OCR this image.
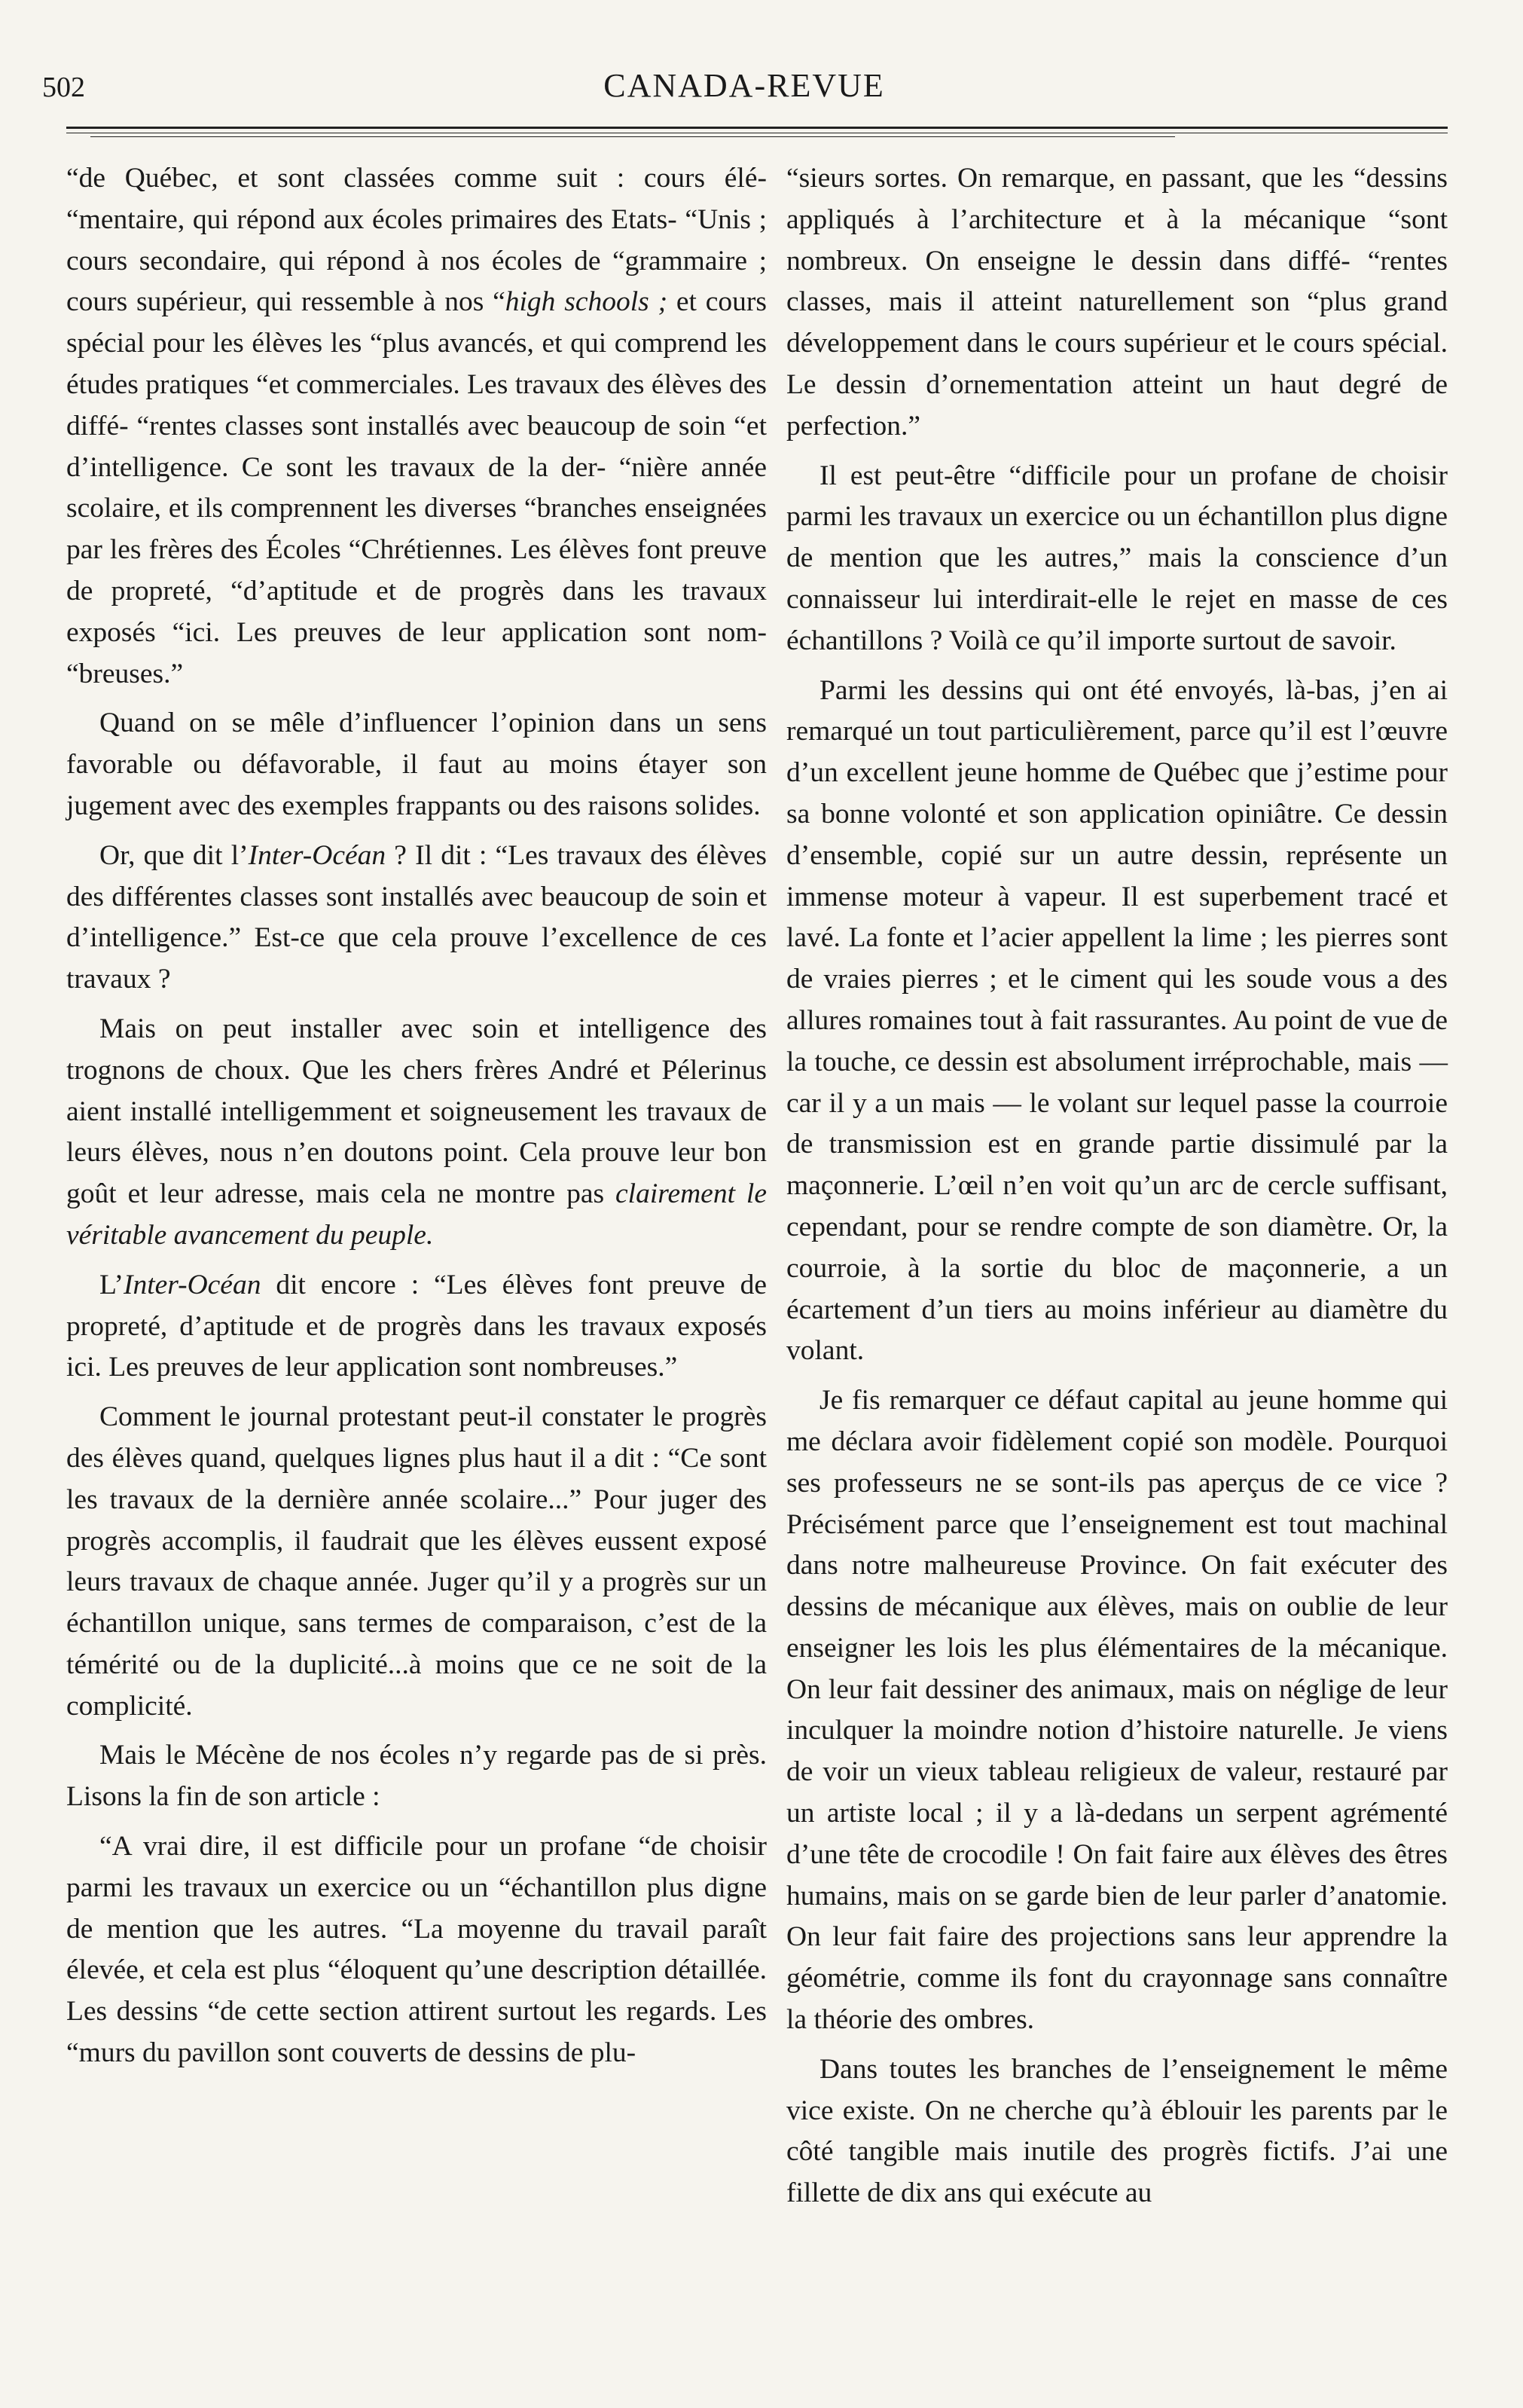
502	CANADA-REVUE

“de Québec, et sont classées comme suit : cours élé- “mentaire, qui répond aux écoles primaires des Etats- “Unis ; cours secondaire, qui répond à nos écoles de “grammaire ; cours supérieur, qui ressemble à nos “high schools ; et cours spécial pour les élèves les “plus avancés, et qui comprend les études pratiques “et commerciales. Les travaux des élèves des diffé- “rentes classes sont installés avec beaucoup de soin “et d’intelligence. Ce sont les travaux de la der- “nière année scolaire, et ils comprennent les diverses “branches enseignées par les frères des Écoles “Chrétiennes. Les élèves font preuve de propreté, “d’aptitude et de progrès dans les travaux exposés “ici. Les preuves de leur application sont nom- “breuses.”

Quand on se mêle d’influencer l’opinion dans un sens favorable ou défavorable, il faut au moins étayer son jugement avec des exemples frappants ou des raisons solides.

Or, que dit l’Inter-Océan ? Il dit : “Les travaux des élèves des différentes classes sont installés avec beaucoup de soin et d’intelligence.” Est-ce que cela prouve l’excellence de ces travaux ?

Mais on peut installer avec soin et intelligence des trognons de choux. Que les chers frères André et Pélerinus aient installé intelligemment et soigneusement les travaux de leurs élèves, nous n’en doutons point. Cela prouve leur bon goût et leur adresse, mais cela ne montre pas clairement le véritable avancement du peuple.

L’Inter-Océan dit encore : “Les élèves font preuve de propreté, d’aptitude et de progrès dans les travaux exposés ici. Les preuves de leur application sont nombreuses.”

Comment le journal protestant peut-il constater le progrès des élèves quand, quelques lignes plus haut il a dit : “Ce sont les travaux de la dernière année scolaire...” Pour juger des progrès accomplis, il faudrait que les élèves eussent exposé leurs travaux de chaque année. Juger qu’il y a progrès sur un échantillon unique, sans termes de comparaison, c’est de la témérité ou de la duplicité...à moins que ce ne soit de la complicité.

Mais le Mécène de nos écoles n’y regarde pas de si près. Lisons la fin de son article :

“A vrai dire, il est difficile pour un profane “de choisir parmi les travaux un exercice ou un “échantillon plus digne de mention que les autres. “La moyenne du travail paraît élevée, et cela est plus “éloquent qu’une description détaillée. Les dessins “de cette section attirent surtout les regards. Les “murs du pavillon sont couverts de dessins de plu-

“sieurs sortes. On remarque, en passant, que les “dessins appliqués à l’architecture et à la mécanique “sont nombreux. On enseigne le dessin dans diffé- “rentes classes, mais il atteint naturellement son “plus grand développement dans le cours supérieur et le cours spécial. Le dessin d’ornementation atteint un haut degré de perfection.”

Il est peut-être “difficile pour un profane de choisir parmi les travaux un exercice ou un échantillon plus digne de mention que les autres,” mais la conscience d’un connaisseur lui interdirait-elle le rejet en masse de ces échantillons ? Voilà ce qu’il importe surtout de savoir.

Parmi les dessins qui ont été envoyés, là-bas, j’en ai remarqué un tout particulièrement, parce qu’il est l’œuvre d’un excellent jeune homme de Québec que j’estime pour sa bonne volonté et son application opiniâtre. Ce dessin d’ensemble, copié sur un autre dessin, représente un immense moteur à vapeur. Il est superbement tracé et lavé. La fonte et l’acier appellent la lime ; les pierres sont de vraies pierres ; et le ciment qui les soude vous a des allures romaines tout à fait rassurantes. Au point de vue de la touche, ce dessin est absolument irréprochable, mais — car il y a un mais — le volant sur lequel passe la courroie de transmission est en grande partie dissimulé par la maçonnerie. L’œil n’en voit qu’un arc de cercle suffisant, cependant, pour se rendre compte de son diamètre. Or, la courroie, à la sortie du bloc de maçonnerie, a un écartement d’un tiers au moins inférieur au diamètre du volant.

Je fis remarquer ce défaut capital au jeune homme qui me déclara avoir fidèlement copié son modèle. Pourquoi ses professeurs ne se sont-ils pas aperçus de ce vice ? Précisément parce que l’enseignement est tout machinal dans notre malheureuse Province. On fait exécuter des dessins de mécanique aux élèves, mais on oublie de leur enseigner les lois les plus élémentaires de la mécanique. On leur fait dessiner des animaux, mais on néglige de leur inculquer la moindre notion d’histoire naturelle. Je viens de voir un vieux tableau religieux de valeur, restauré par un artiste local ; il y a là-dedans un serpent agrémenté d’une tête de crocodile ! On fait faire aux élèves des êtres humains, mais on se garde bien de leur parler d’anatomie. On leur fait faire des projections sans leur apprendre la géométrie, comme ils font du crayonnage sans connaître la théorie des ombres.

Dans toutes les branches de l’enseignement le même vice existe. On ne cherche qu’à éblouir les parents par le côté tangible mais inutile des progrès fictifs. J’ai une fillette de dix ans qui exécute au
